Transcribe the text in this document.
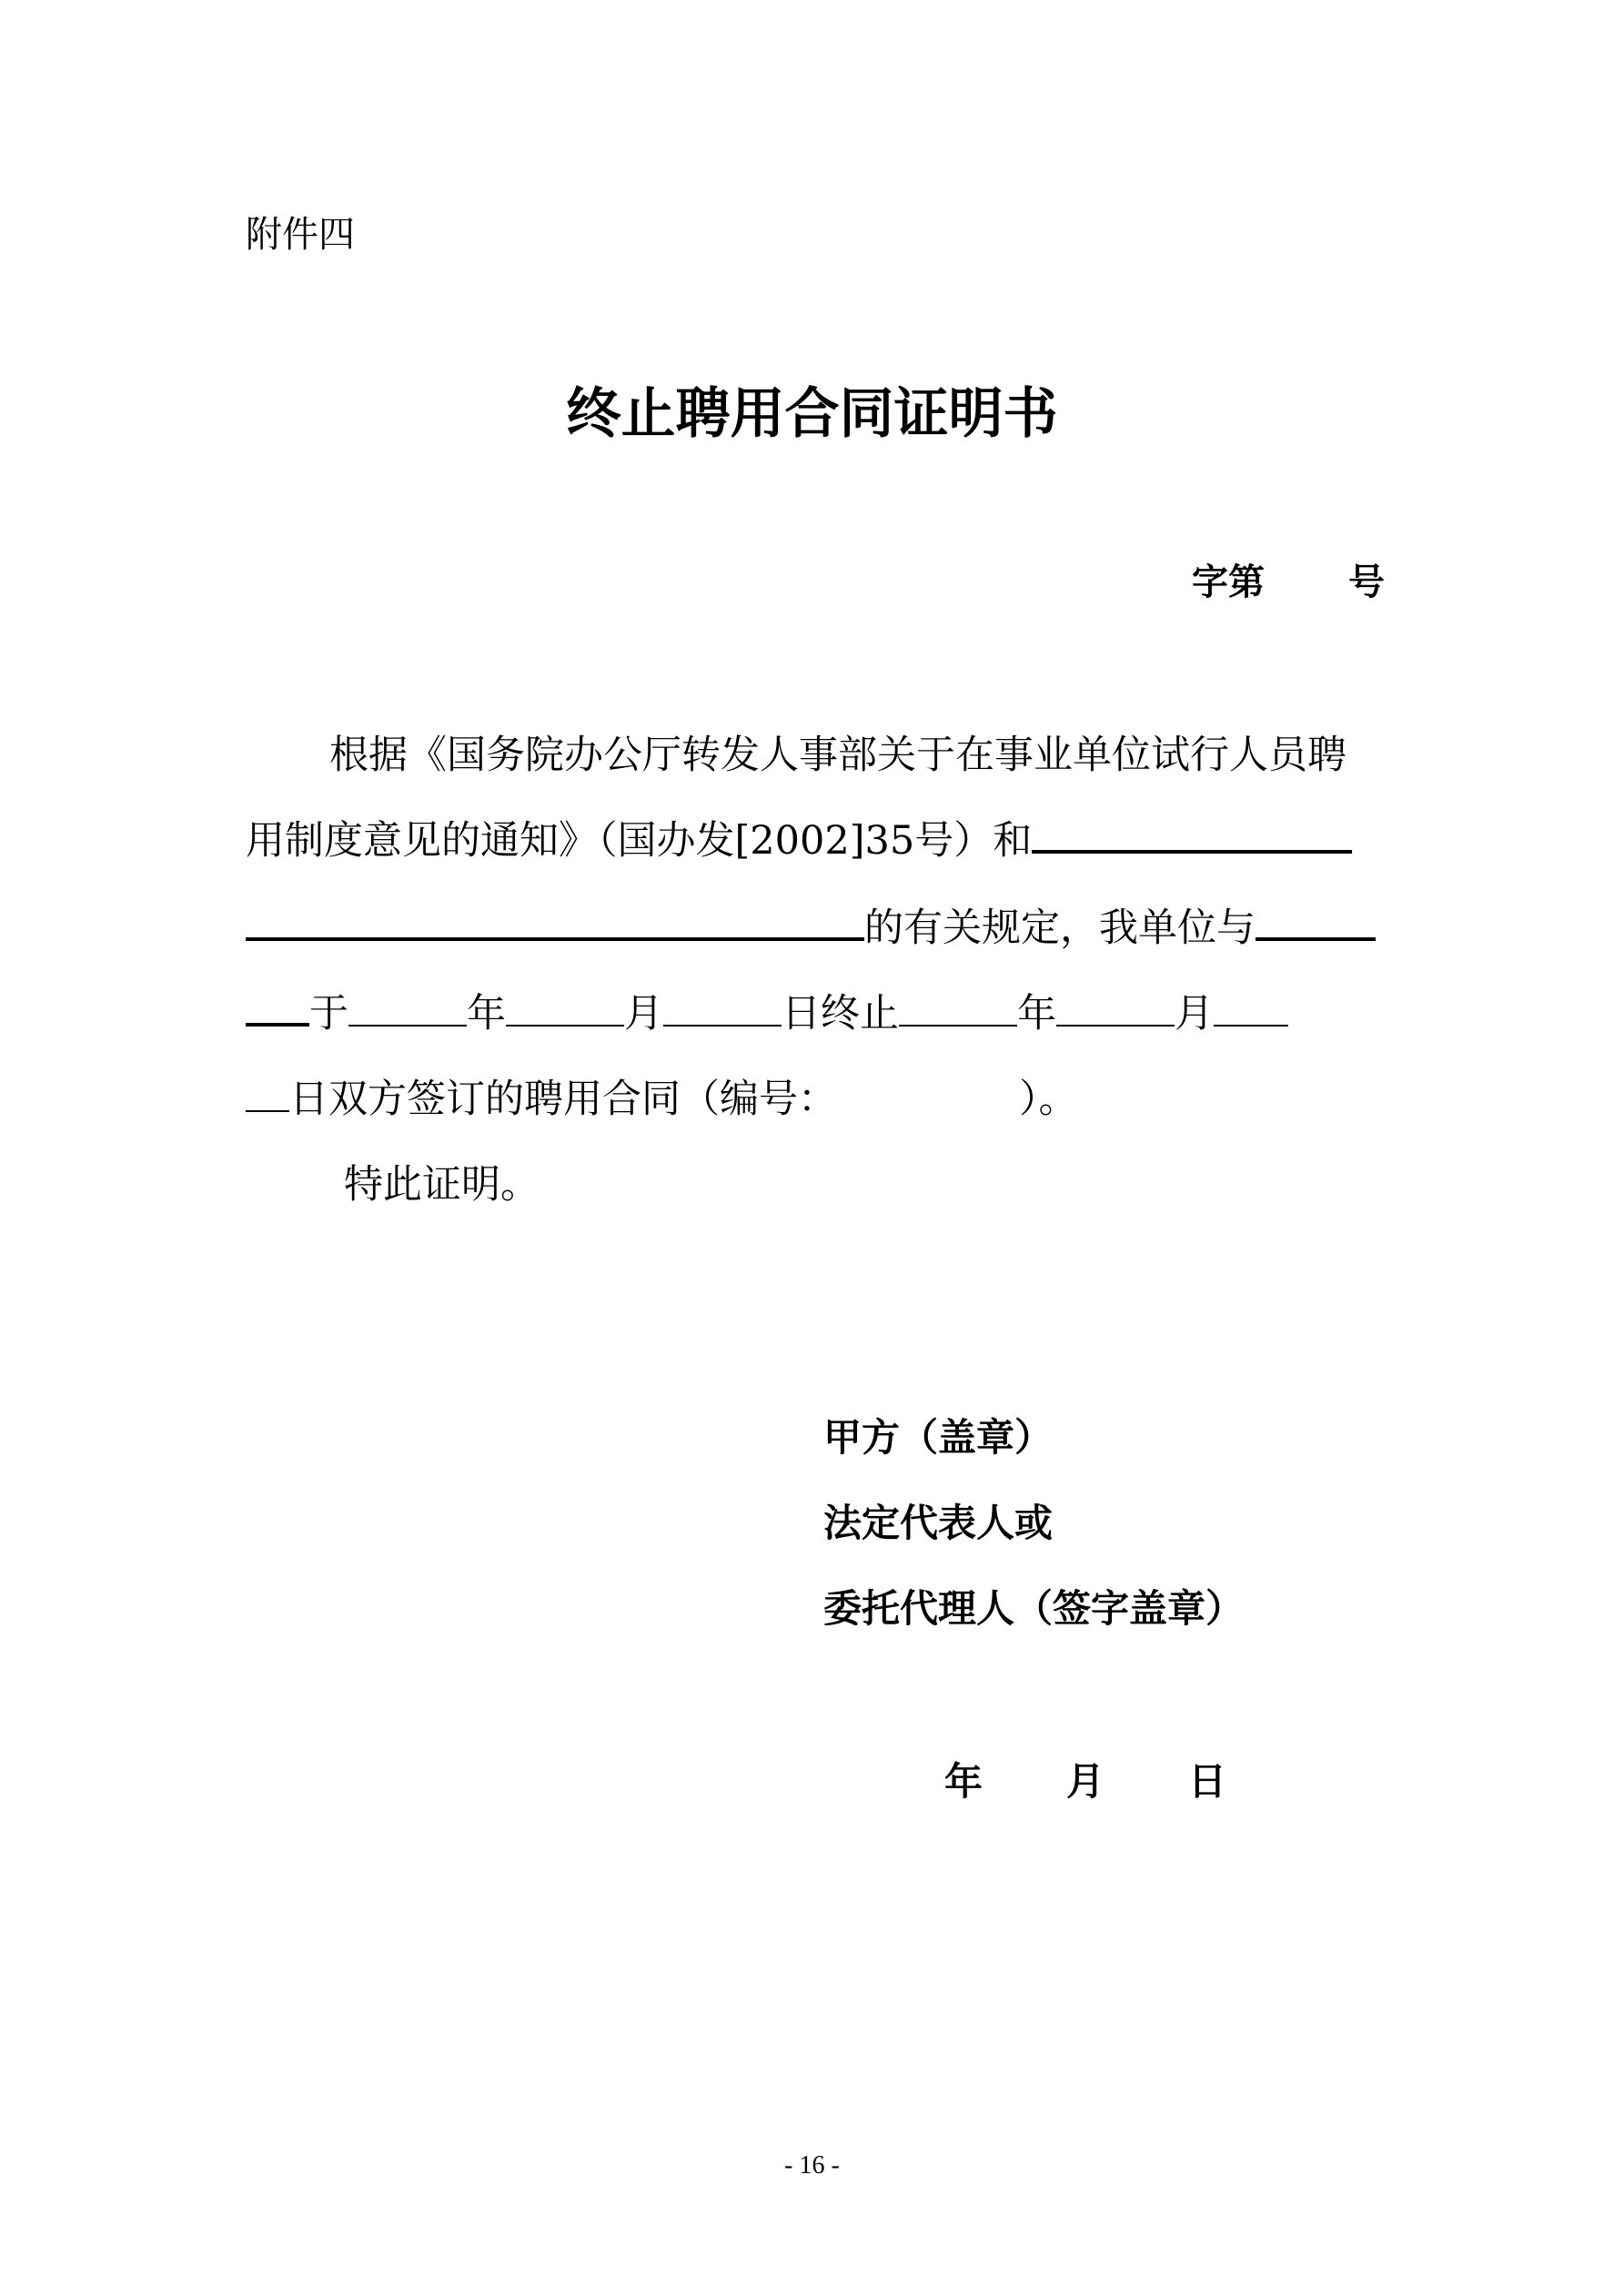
附件四
终止聘用合同证明书
字第 号
根据《国务院办公厅转发人事部关于在事业单位试行人员聘
用制度意见的通知》（国办发[2002]35号）和
的有关规定，我单位与
于	年	月	日终止	年	月
日双方签订的聘用合同（编号：	）。
特此证明。
甲方（盖章）
法定代表人或
委托代理人（签字盖章）
年 月 日
- 16 -
